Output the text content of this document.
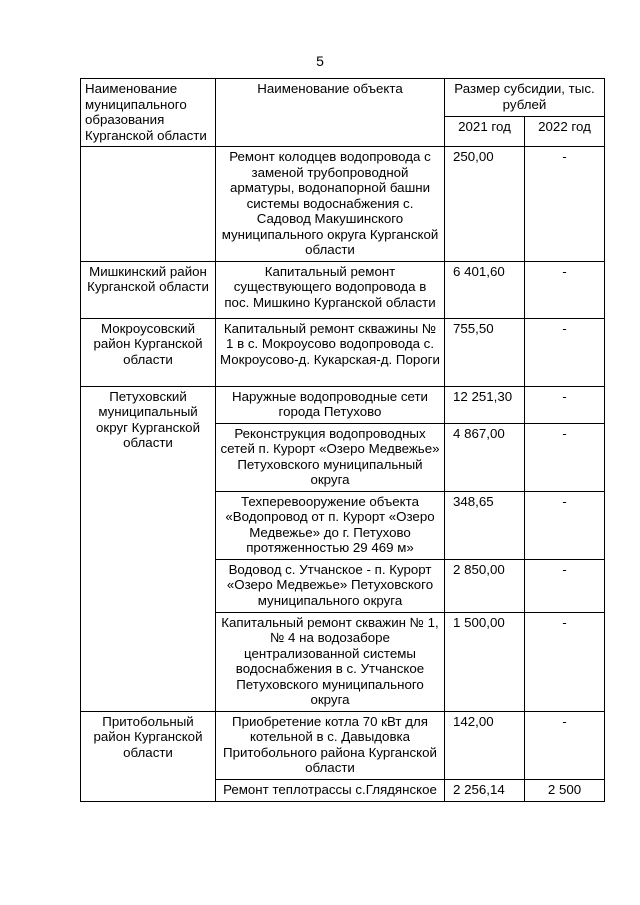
5
Наименование муниципального образования Курганской области	Наименование объекта	Размер субсидии, тыс. рублей	
		2021 год	2022 год
	Ремонт колодцев водопровода с заменой трубопроводной арматуры, водонапорной башни системы водоснабжения с. Садовод Макушинского муниципального округа Курганской области	250,00	-
Мишкинский район Курганской области	Капитальный ремонт существующего водопровода в пос. Мишкино Курганской области	6 401,60	-
Мокроусовский район Курганской области	Капитальный ремонт скважины № 1 в с. Мокроусово водопровода с. Мокроусово-д. Кукарская-д. Пороги	755,50	-
Петуховский муниципальный округ Курганской области	Наружные водопроводные сети города Петухово	12 251,30	-
	Реконструкция водопроводных сетей п. Курорт «Озеро Медвежье» Петуховского муниципальный округа	4 867,00	-
	Техперевооружение объекта «Водопровод от п. Курорт «Озеро Медвежье» до г. Петухово протяженностью 29 469 м»	348,65	-
	Водовод с. Утчанское - п. Курорт «Озеро Медвежье» Петуховского муниципального округа	2 850,00	-
	Капитальный ремонт скважин № 1, № 4 на водозаборе централизованной системы водоснабжения в с. Утчанское Петуховского муниципального округа	1 500,00	-
Притобольный район Курганской области	Приобретение котла 70 кВт для котельной в с. Давыдовка Притобольного района Курганской области	142,00	-
	Ремонт теплотрассы с.Глядянское	2 256,14	2 500
